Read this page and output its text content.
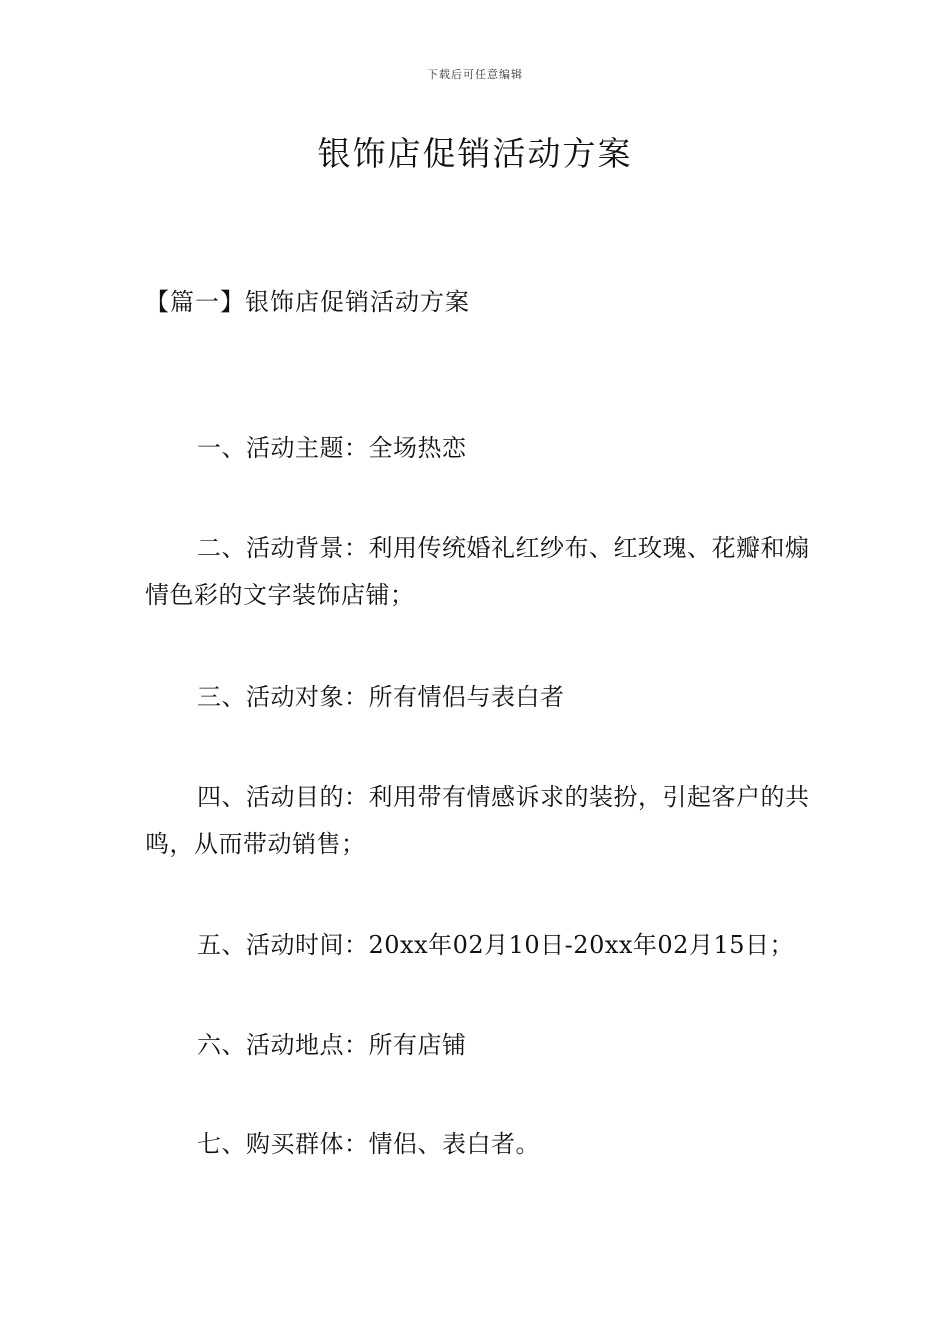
下载后可任意编辑
银饰店促销活动方案
【篇一】银饰店促销活动方案

一、活动主题：全场热恋

二、活动背景：利用传统婚礼红纱布、红玫瑰、花瓣和煽情色彩的文字装饰店铺；

三、活动对象：所有情侣与表白者

四、活动目的：利用带有情感诉求的装扮，引起客户的共鸣，从而带动销售；

五、活动时间：20xx年02月10日-20xx年02月15日；

六、活动地点：所有店铺

七、购买群体：情侣、表白者。
